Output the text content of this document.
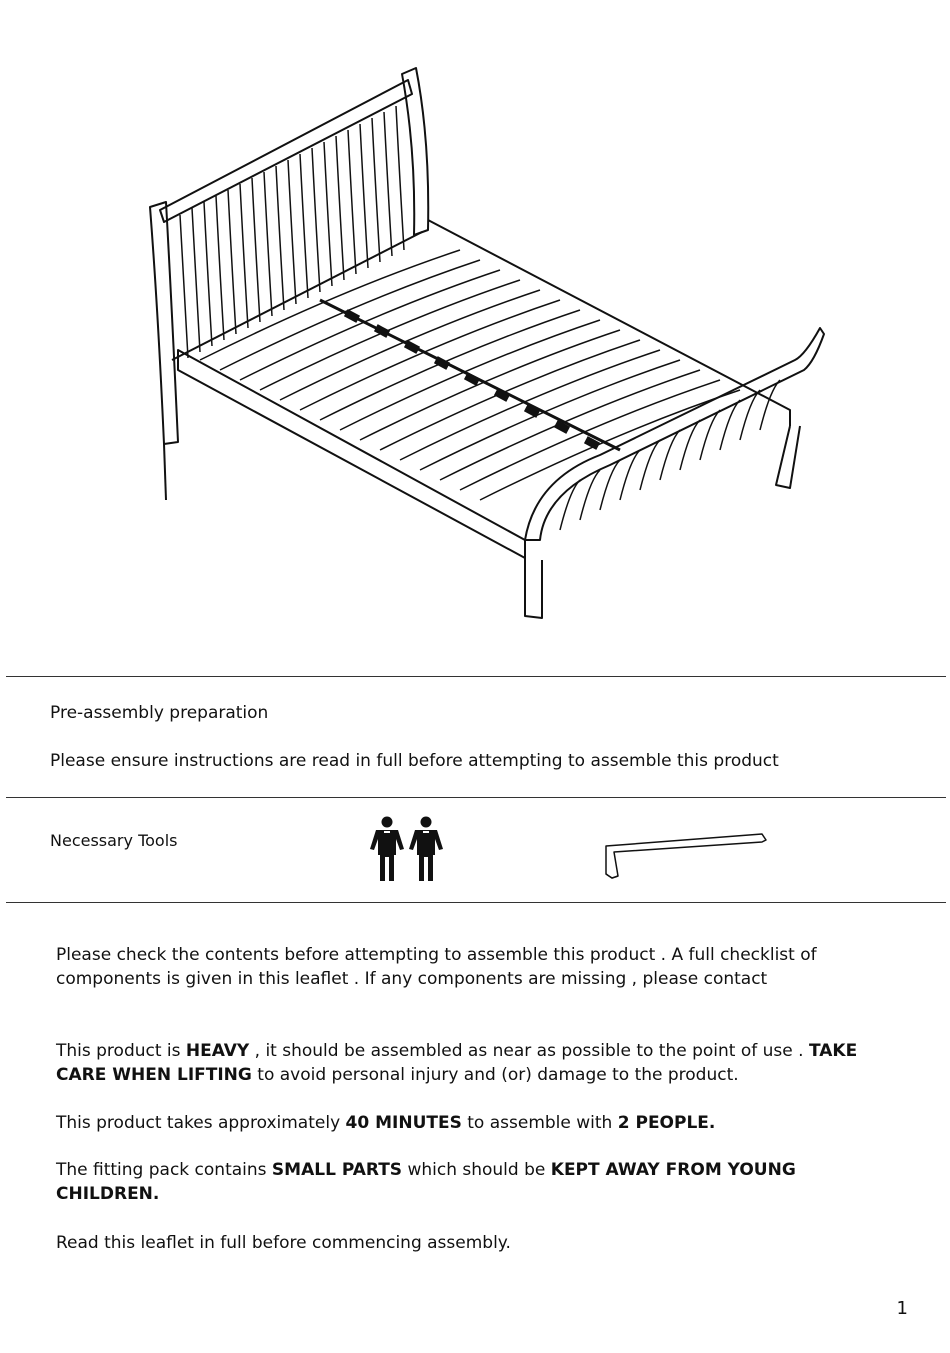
Pre-assembly preparation
Please ensure instructions are read in full before attempting to assemble this product
Necessary Tools
Please check the contents before attempting to assemble this product . A full checklist of
components is given in this leaflet . If any components are missing , please contact
This product is HEAVY , it should be assembled as near as possible to the point of use . TAKE
CARE WHEN LIFTING to avoid personal injury and (or) damage to the product.
This product takes approximately 40 MINUTES to assemble with 2 PEOPLE.
The fitting pack contains SMALL PARTS which should be KEPT AWAY FROM YOUNG
CHILDREN.
Read this leaflet in full before commencing assembly.
1
